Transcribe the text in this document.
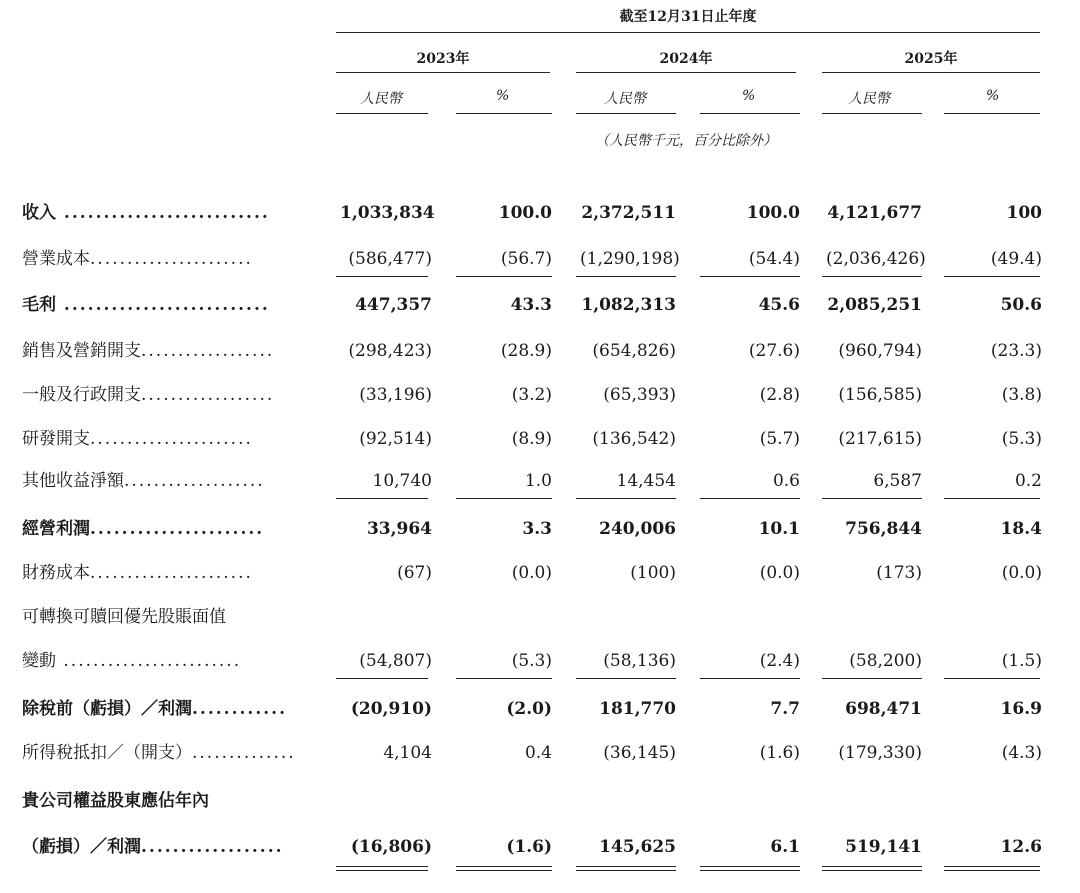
截至12月31日止年度
2023年	2024年	2025年
人民幣	%	人民幣	%	人民幣	%
（人民幣千元，百分比除外）
收入 ..........................	1,033,834	100.0 2,372,511	100.0 4,121,677	100
營業成本......................	(586,477)	(56.7) (1,290,198)	(54.4) (2,036,426)	(49.4)
毛利 ..........................	447,357	43.3 1,082,313	45.6 2,085,251	50.6
銷售及營銷開支..................	(298,423)	(28.9)	(654,826)	(27.6)	(960,794)	(23.3)
一般及行政開支..................	(33,196)	(3.2)	(65,393)	(2.8)	(156,585)	(3.8)
研發開支......................	(92,514)	(8.9)	(136,542)	(5.7)	(217,615)	(5.3)
其他收益淨額...................	10,740	1.0	14,454	0.6	6,587	0.2
經營利潤......................	33,964	3.3	240,006	10.1	756,844	18.4
財務成本......................	(67)	(0.0)	(100)	(0.0)	(173)	(0.0)
可轉換可贖回優先股賬面值
變動 ........................	(54,807)	(5.3)	(58,136)	(2.4)	(58,200)	(1.5)
除稅前（虧損）／利潤............	(20,910)	(2.0)	181,770	7.7	698,471	16.9
所得稅抵扣／（開支）..............	4,104	0.4	(36,145)	(1.6)	(179,330)	(4.3)
貴公司權益股東應佔年內
（虧損）／利潤..................	(16,806)	(1.6)	145,625	6.1	519,141	12.6
